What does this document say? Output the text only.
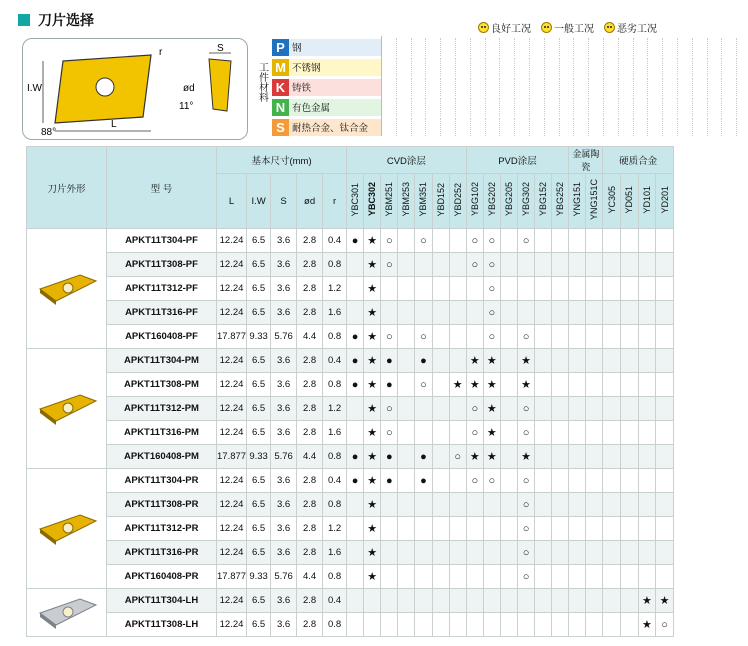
刀片选择
良好工况 一般工况 恶劣工况
I.W
L
r
88°
S
ød
11°
工件材料
P 钢
M 不锈钢
K 铸铁
N 有色金属
S 耐热合金、钛合金
刀片外形	型 号	基本尺寸(mm)					CVD涂层							PVD涂层						金属陶瓷		硬质合金			
		L	I.W	S	ød	r	YBC301	YBC302	YBM251	YBM253	YBM351	YBD152	YBD252	YBG102	YBG202	YBG205	YBG302	YBG152	YBG252	YNG151	YNG151C	YC305	YD051	YD101	YD201
	APKT11T304-PF	12.24	6.5	3.6	2.8	0.4	●	★	○		○			○	○		○								
	APKT11T308-PF	12.24	6.5	3.6	2.8	0.8		★	○					○	○										
	APKT11T312-PF	12.24	6.5	3.6	2.8	1.2		★							○										
	APKT11T316-PF	12.24	6.5	3.6	2.8	1.6		★							○										
	APKT160408-PF	17.877	9.33	5.76	4.4	0.8	●	★	○		○				○		○								
	APKT11T304-PM	12.24	6.5	3.6	2.8	0.4	●	★	●		●			★	★		★								
	APKT11T308-PM	12.24	6.5	3.6	2.8	0.8	●	★	●		○		★	★	★		★								
	APKT11T312-PM	12.24	6.5	3.6	2.8	1.2		★	○					○	★		○								
	APKT11T316-PM	12.24	6.5	3.6	2.8	1.6		★	○					○	★		○								
	APKT160408-PM	17.877	9.33	5.76	4.4	0.8	●	★	●		●		○	★	★		★								
	APKT11T304-PR	12.24	6.5	3.6	2.8	0.4	●	★	●		●			○	○		○								
	APKT11T308-PR	12.24	6.5	3.6	2.8	0.8		★									○								
	APKT11T312-PR	12.24	6.5	3.6	2.8	1.2		★									○								
	APKT11T316-PR	12.24	6.5	3.6	2.8	1.6		★									○								
	APKT160408-PR	17.877	9.33	5.76	4.4	0.8		★									○								
	APKT11T304-LH	12.24	6.5	3.6	2.8	0.4																		★	★
	APKT11T308-LH	12.24	6.5	3.6	2.8	0.8																		★	○
